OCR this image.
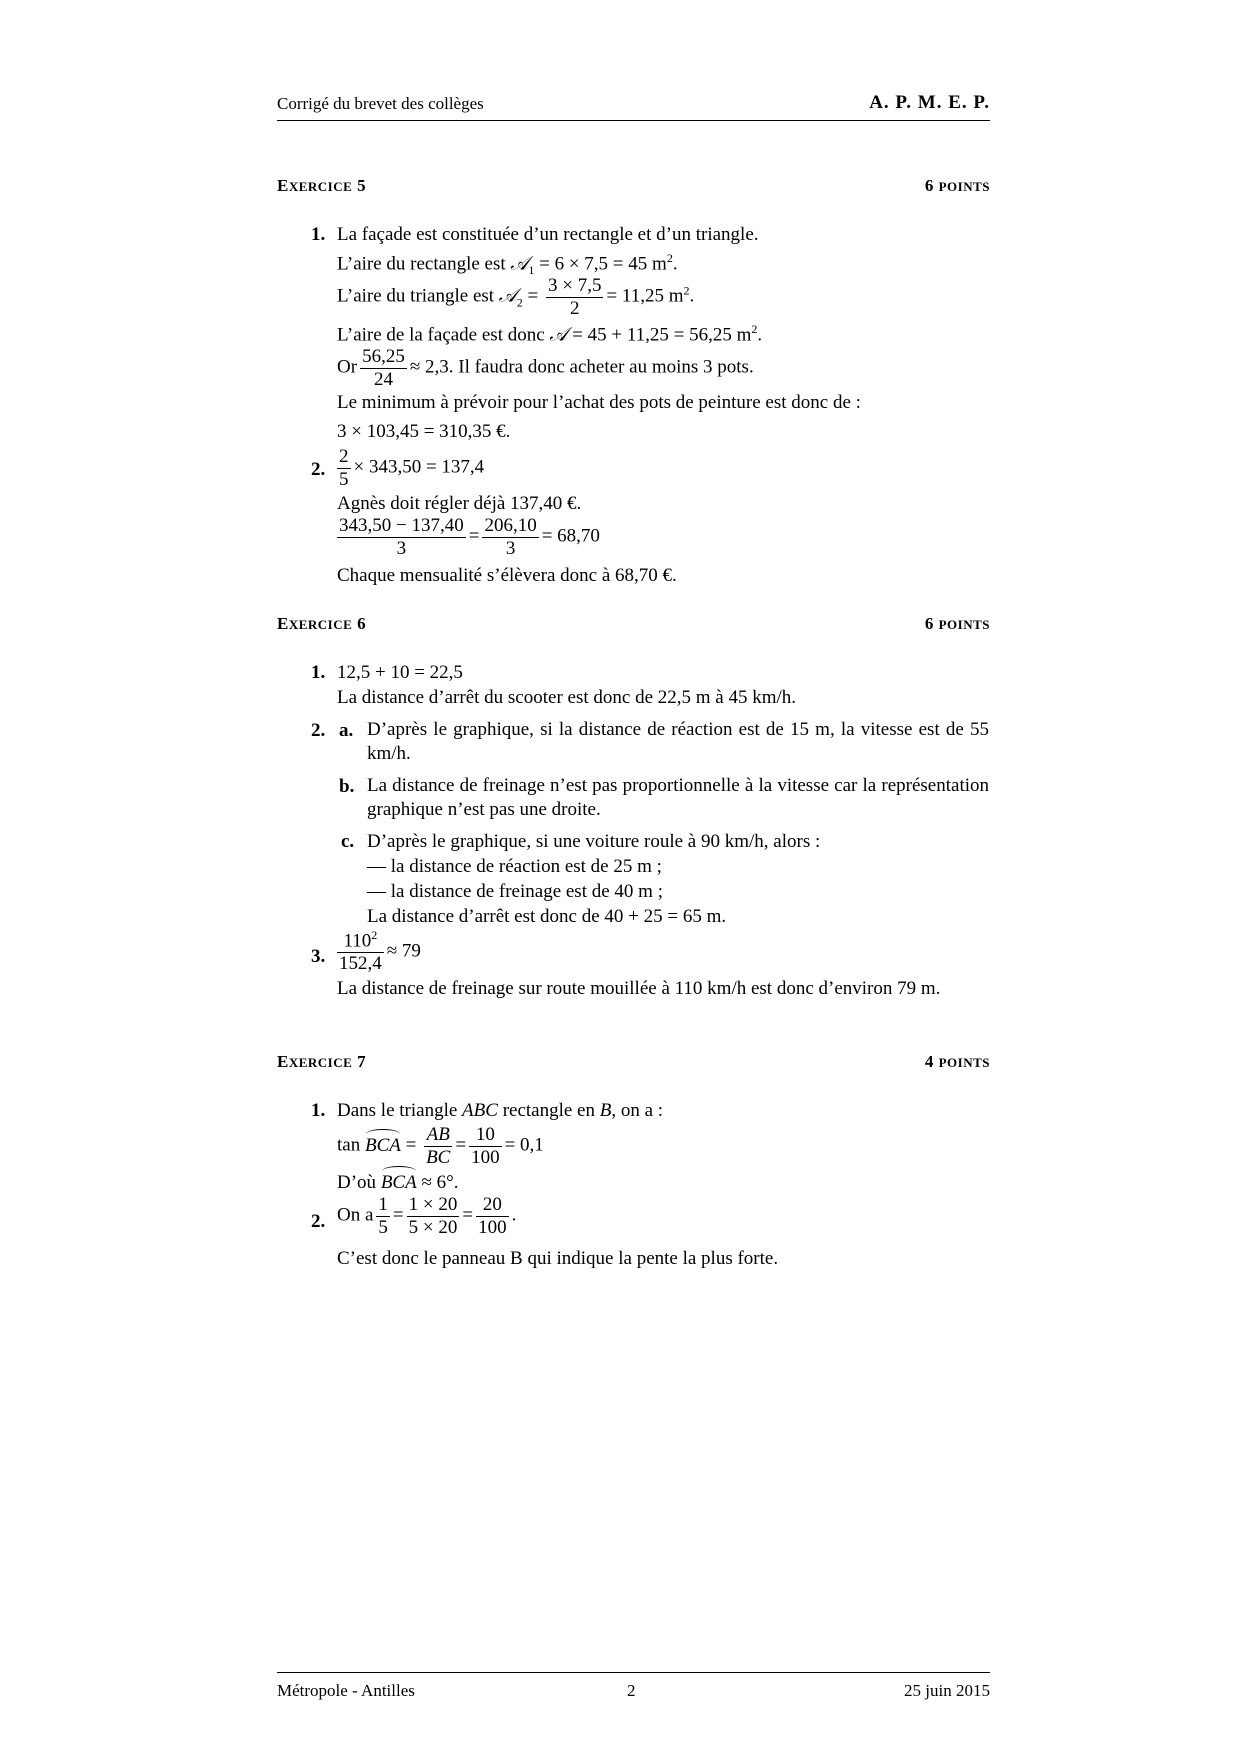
Corrigé du brevet des collèges	A. P. M. E. P.
EXERCICE 5	6 POINTS
1. La façade est constituée d’un rectangle et d’un triangle.
L’aire du rectangle est 𝒜$_1$ = 6 × 7,5 = 45 $m^2$.
L’aire du triangle est 𝒜$_2$ = $\frac{3 \times 7,5}{2} = 11,25$ $m^2$.
L’aire de la façade est donc 𝒜 = 45 + 11,25 = 56,25 $m^2$.
Or $\frac{56,25}{24} \approx 2,3$. Il faudra donc acheter au moins 3 pots.
Le minimum à prévoir pour l’achat des pots de peinture est donc de :
3 × 103,45 = 310,35 €.
2. $\frac{2}{5} \times 343,50 = 137,4$
Agnès doit régler déjà 137,40 €.
$\frac{343,50 - 137,40}{3} = \frac{206,10}{3} = 68,70$
Chaque mensualité s’élèvera donc à 68,70 €.
EXERCICE 6	6 POINTS
1. 12,5 + 10 = 22,5
La distance d’arrêt du scooter est donc de 22,5 m à 45 km/h.
2. a. D’après le graphique, si la distance de réaction est de 15 m, la vitesse est de 55 km/h.
b. La distance de freinage n’est pas proportionnelle à la vitesse car la représentation graphique n’est pas une droite.
c. D’après le graphique, si une voiture roule à 90 km/h, alors :
— la distance de réaction est de 25 m ;
— la distance de freinage est de 40 m ;
La distance d’arrêt est donc de 40 + 25 = 65 m.
3. $\frac{110^2}{152,4} \approx 79$
La distance de freinage sur route mouillée à 110 km/h est donc d’environ 79 m.
EXERCICE 7	4 POINTS
1. Dans le triangle ABC rectangle en B, on a :
tan BCA = $\frac{AB}{BC} = \frac{10}{100} = 0,1$
D’où BCA ≈ 6°.
2. On a $\frac{1}{5} = \frac{1 \times 20}{5 \times 20} = \frac{20}{100}$ .
C’est donc le panneau B qui indique la pente la plus forte.
Métropole - Antilles	2	25 juin 2015
